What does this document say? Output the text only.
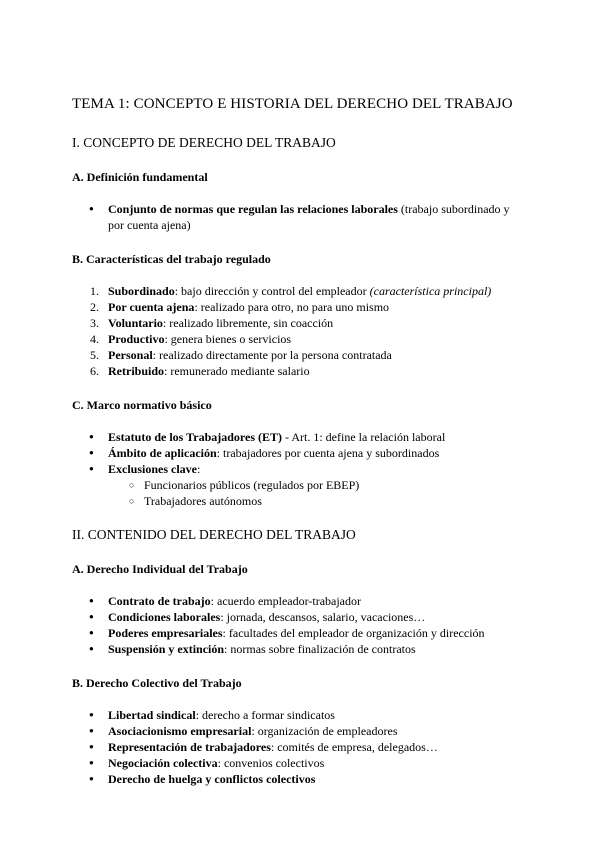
TEMA 1: CONCEPTO E HISTORIA DEL DERECHO DEL TRABAJO
I. CONCEPTO DE DERECHO DEL TRABAJO
A. Definición fundamental
● Conjunto de normas que regulan las relaciones laborales (trabajo subordinado y por cuenta ajena)
B. Características del trabajo regulado
1. Subordinado: bajo dirección y control del empleador (característica principal)
2. Por cuenta ajena: realizado para otro, no para uno mismo
3. Voluntario: realizado libremente, sin coacción
4. Productivo: genera bienes o servicios
5. Personal: realizado directamente por la persona contratada
6. Retribuido: remunerado mediante salario
C. Marco normativo básico
● Estatuto de los Trabajadores (ET) - Art. 1: define la relación laboral
● Ámbito de aplicación: trabajadores por cuenta ajena y subordinados
● Exclusiones clave:
○ Funcionarios públicos (regulados por EBEP)
○ Trabajadores autónomos
II. CONTENIDO DEL DERECHO DEL TRABAJO
A. Derecho Individual del Trabajo
● Contrato de trabajo: acuerdo empleador-trabajador
● Condiciones laborales: jornada, descansos, salario, vacaciones…
● Poderes empresariales: facultades del empleador de organización y dirección
● Suspensión y extinción: normas sobre finalización de contratos
B. Derecho Colectivo del Trabajo
● Libertad sindical: derecho a formar sindicatos
● Asociacionismo empresarial: organización de empleadores
● Representación de trabajadores: comités de empresa, delegados…
● Negociación colectiva: convenios colectivos
● Derecho de huelga y conflictos colectivos
